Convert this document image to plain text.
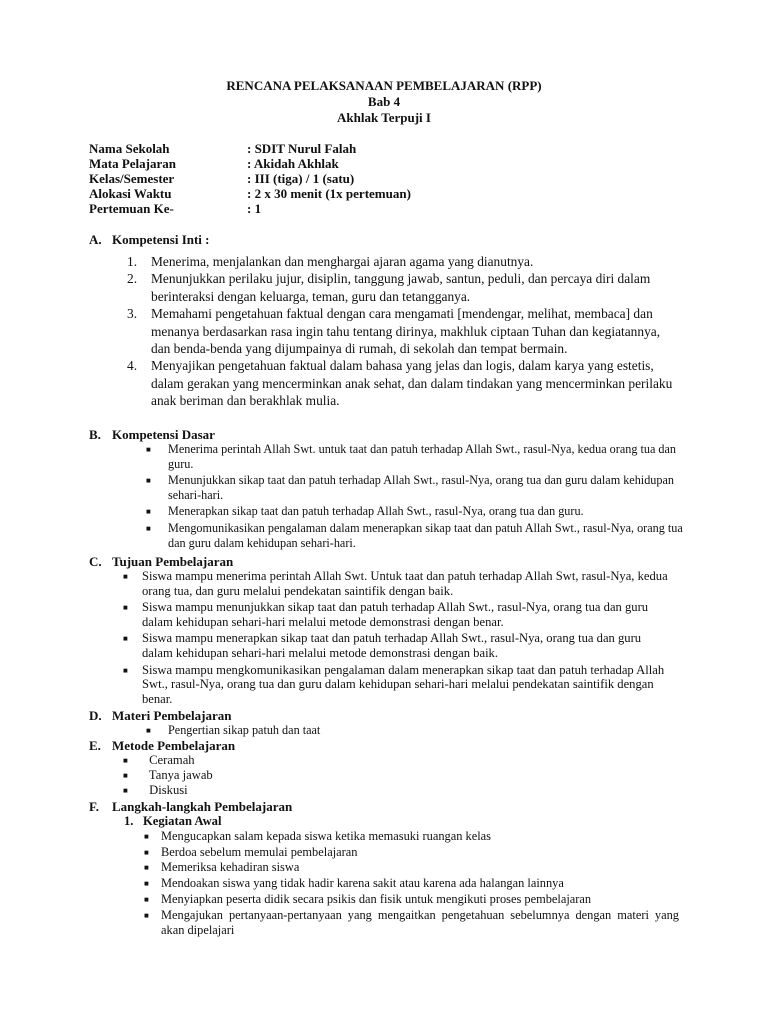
RENCANA PELAKSANAAN PEMBELAJARAN (RPP)
Bab 4
Akhlak Terpuji I
Nama Sekolah	: SDIT Nurul Falah
Mata Pelajaran	: Akidah Akhlak
Kelas/Semester	: III (tiga) / 1 (satu)
Alokasi Waktu	: 2 x 30 menit (1x pertemuan)
Pertemuan Ke-	: 1
A. Kompetensi Inti :
1.	Menerima, menjalankan dan menghargai ajaran agama yang dianutnya.
2.	Menunjukkan perilaku jujur, disiplin, tanggung jawab, santun, peduli, dan percaya diri dalam berinteraksi dengan keluarga, teman, guru dan tetangganya.
3.	Memahami pengetahuan faktual dengan cara mengamati [mendengar, melihat, membaca] dan menanya berdasarkan rasa ingin tahu tentang dirinya, makhluk ciptaan Tuhan dan kegiatannya, dan benda-benda yang dijumpainya di rumah, di sekolah dan tempat bermain.
4.	Menyajikan pengetahuan faktual dalam bahasa yang jelas dan logis, dalam karya yang estetis, dalam gerakan yang mencerminkan anak sehat, dan dalam tindakan yang mencerminkan perilaku anak beriman dan berakhlak mulia.
B. Kompetensi Dasar
■	Menerima perintah Allah Swt. untuk taat dan patuh terhadap Allah Swt., rasul-Nya, kedua orang tua dan guru.
■	Menunjukkan sikap taat dan patuh terhadap Allah Swt., rasul-Nya, orang tua dan guru dalam kehidupan sehari-hari.
■	Menerapkan sikap taat dan patuh terhadap Allah Swt., rasul-Nya, orang tua dan guru.
■	Mengomunikasikan pengalaman dalam menerapkan sikap taat dan patuh Allah Swt., rasul-Nya, orang tua dan guru dalam kehidupan sehari-hari.
C. Tujuan Pembelajaran
■	Siswa mampu menerima perintah Allah Swt. Untuk taat dan patuh terhadap Allah Swt, rasul-Nya, kedua orang tua, dan guru melalui pendekatan saintifik dengan baik.
■	Siswa mampu menunjukkan sikap taat dan patuh terhadap Allah Swt., rasul-Nya, orang tua dan guru dalam kehidupan sehari-hari melalui metode demonstrasi dengan benar.
■	Siswa mampu menerapkan sikap taat dan patuh terhadap Allah Swt., rasul-Nya, orang tua dan guru dalam kehidupan sehari-hari melalui metode demonstrasi dengan baik.
■	Siswa mampu mengkomunikasikan pengalaman dalam menerapkan sikap taat dan patuh terhadap Allah Swt., rasul-Nya, orang tua dan guru dalam kehidupan sehari-hari melalui pendekatan saintifik dengan benar.
D. Materi Pembelajaran
■	Pengertian sikap patuh dan taat
E. Metode Pembelajaran
■	Ceramah
■	Tanya jawab
■	Diskusi
F.	Langkah-langkah Pembelajaran
1. Kegiatan Awal
■ Mengucapkan salam kepada siswa ketika memasuki ruangan kelas
■ Berdoa sebelum memulai pembelajaran
■ Memeriksa kehadiran siswa
■ Mendoakan siswa yang tidak hadir karena sakit atau karena ada halangan lainnya
■ Menyiapkan peserta didik secara psikis dan fisik untuk mengikuti proses pembelajaran
■ Mengajukan pertanyaan-pertanyaan yang mengaitkan pengetahuan sebelumnya dengan materi yang akan dipelajari
